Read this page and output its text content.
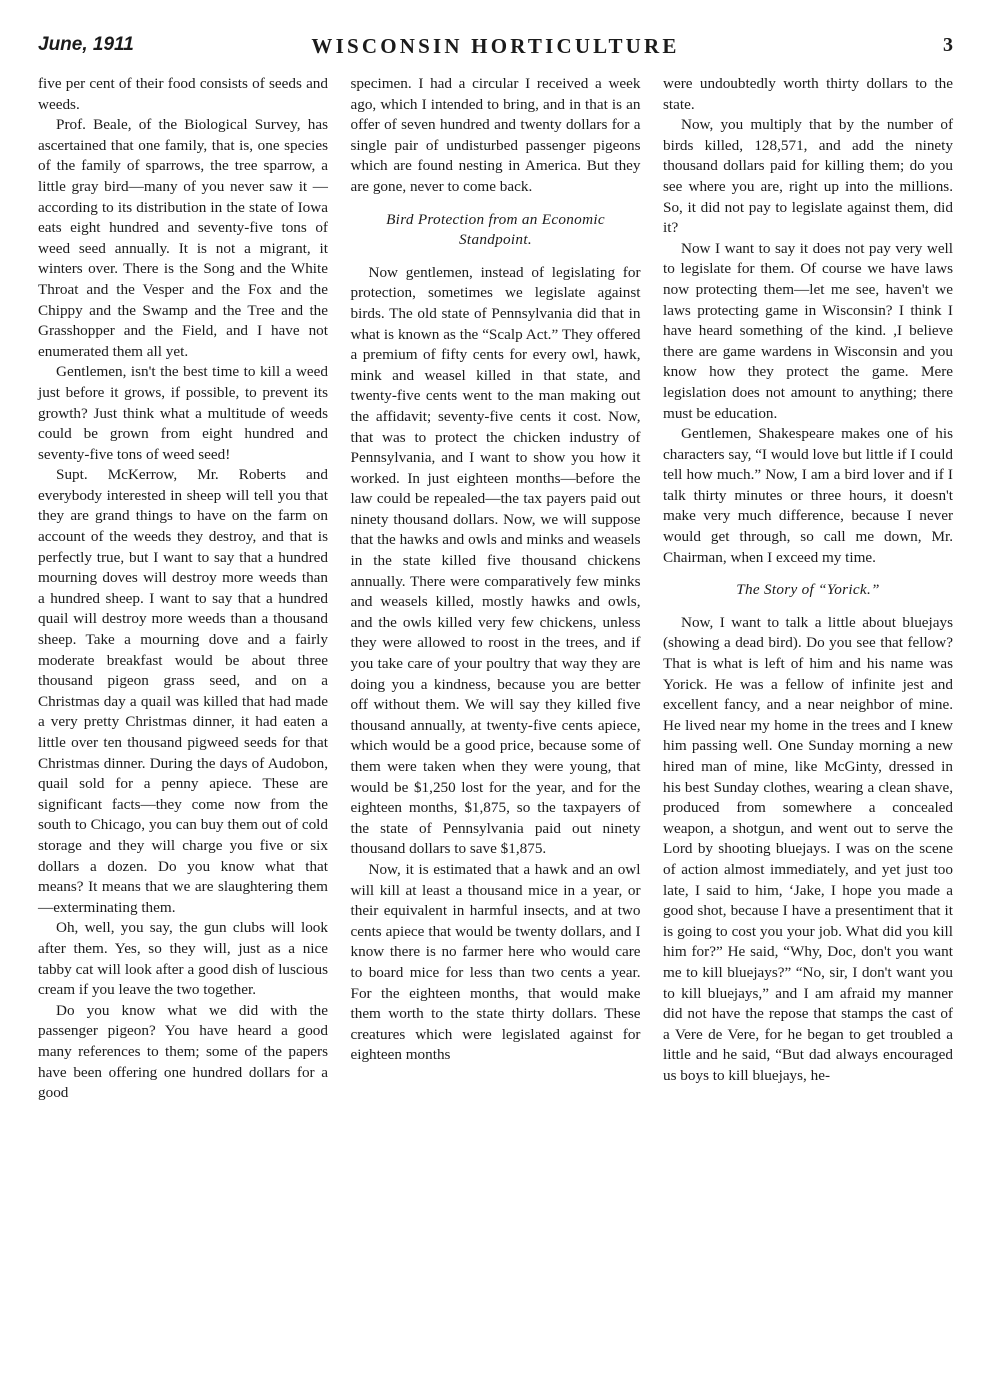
June, 1911	WISCONSIN HORTICULTURE	3

five per cent of their food consists of seeds and weeds.

Prof. Beale, of the Biological Survey, has ascertained that one family, that is, one species of the family of sparrows, the tree sparrow, a little gray bird—many of you never saw it —according to its distribution in the state of Iowa eats eight hundred and seventy-five tons of weed seed annually. It is not a migrant, it winters over. There is the Song and the White Throat and the Vesper and the Fox and the Chippy and the Swamp and the Tree and the Grasshopper and the Field, and I have not enumerated them all yet.

Gentlemen, isn't the best time to kill a weed just before it grows, if possible, to prevent its growth? Just think what a multitude of weeds could be grown from eight hundred and seventy-five tons of weed seed!

Supt. McKerrow, Mr. Roberts and everybody interested in sheep will tell you that they are grand things to have on the farm on account of the weeds they destroy, and that is perfectly true, but I want to say that a hundred mourning doves will destroy more weeds than a hundred sheep. I want to say that a hundred quail will destroy more weeds than a thousand sheep. Take a mourning dove and a fairly moderate breakfast would be about three thousand pigeon grass seed, and on a Christmas day a quail was killed that had made a very pretty Christmas dinner, it had eaten a little over ten thousand pigweed seeds for that Christmas dinner. During the days of Audobon, quail sold for a penny apiece. These are significant facts—they come now from the south to Chicago, you can buy them out of cold storage and they will charge you five or six dollars a dozen. Do you know what that means? It means that we are slaughtering them—exterminating them.

Oh, well, you say, the gun clubs will look after them. Yes, so they will, just as a nice tabby cat will look after a good dish of luscious cream if you leave the two together.

Do you know what we did with the passenger pigeon? You have heard a good many references to them; some of the papers have been offering one hundred dollars for a good

specimen. I had a circular I received a week ago, which I intended to bring, and in that is an offer of seven hundred and twenty dollars for a single pair of undisturbed passenger pigeons which are found nesting in America. But they are gone, never to come back.

Bird Protection from an Economic Standpoint.

Now gentlemen, instead of legislating for protection, sometimes we legislate against birds. The old state of Pennsylvania did that in what is known as the “Scalp Act.” They offered a premium of fifty cents for every owl, hawk, mink and weasel killed in that state, and twenty-five cents went to the man making out the affidavit; seventy-five cents it cost. Now, that was to protect the chicken industry of Pennsylvania, and I want to show you how it worked. In just eighteen months—before the law could be repealed—the tax payers paid out ninety thousand dollars. Now, we will suppose that the hawks and owls and minks and weasels in the state killed five thousand chickens annually. There were comparatively few minks and weasels killed, mostly hawks and owls, and the owls killed very few chickens, unless they were allowed to roost in the trees, and if you take care of your poultry that way they are doing you a kindness, because you are better off without them. We will say they killed five thousand annually, at twenty-five cents apiece, which would be a good price, because some of them were taken when they were young, that would be $1,250 lost for the year, and for the eighteen months, $1,875, so the taxpayers of the state of Pennsylvania paid out ninety thousand dollars to save $1,875.

Now, it is estimated that a hawk and an owl will kill at least a thousand mice in a year, or their equivalent in harmful insects, and at two cents apiece that would be twenty dollars, and I know there is no farmer here who would care to board mice for less than two cents a year. For the eighteen months, that would make them worth to the state thirty dollars. These creatures which were legislated against for eighteen months

were undoubtedly worth thirty dollars to the state.

Now, you multiply that by the number of birds killed, 128,571, and add the ninety thousand dollars paid for killing them; do you see where you are, right up into the millions. So, it did not pay to legislate against them, did it?

Now I want to say it does not pay very well to legislate for them. Of course we have laws now protecting them—let me see, haven't we laws protecting game in Wisconsin? I think I have heard something of the kind. ,I believe there are game wardens in Wisconsin and you know how they protect the game. Mere legislation does not amount to anything; there must be education.

Gentlemen, Shakespeare makes one of his characters say, “I would love but little if I could tell how much.” Now, I am a bird lover and if I talk thirty minutes or three hours, it doesn't make very much difference, because I never would get through, so call me down, Mr. Chairman, when I exceed my time.

The Story of “Yorick.”

Now, I want to talk a little about bluejays (showing a dead bird). Do you see that fellow? That is what is left of him and his name was Yorick. He was a fellow of infinite jest and excellent fancy, and a near neighbor of mine. He lived near my home in the trees and I knew him passing well. One Sunday morning a new hired man of mine, like McGinty, dressed in his best Sunday clothes, wearing a clean shave, produced from somewhere a concealed weapon, a shotgun, and went out to serve the Lord by shooting bluejays. I was on the scene of action almost immediately, and yet just too late, I said to him, ‘Jake, I hope you made a good shot, because I have a presentiment that it is going to cost you your job. What did you kill him for?” He said, “Why, Doc, don't you want me to kill bluejays?” “No, sir, I don't want you to kill bluejays,” and I am afraid my manner did not have the repose that stamps the cast of a Vere de Vere, for he began to get troubled a little and he said, “But dad always encouraged us boys to kill bluejays, he-
